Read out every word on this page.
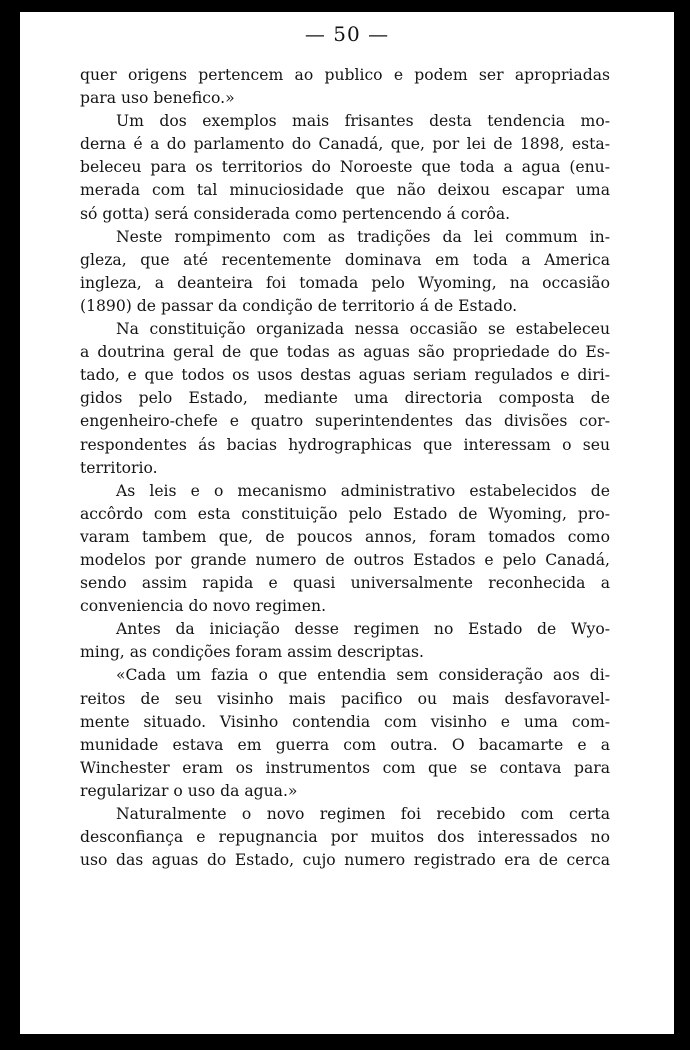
— 50 —
quer origens pertencem ao publico e podem ser apropriadas
para uso benefico.»
Um dos exemplos mais frisantes desta tendencia mo-
derna é a do parlamento do Canadá, que, por lei de 1898, esta-
beleceu para os territorios do Noroeste que toda a agua (enu-
merada com tal minuciosidade que não deixou escapar uma
só gotta) será considerada como pertencendo á corôa.
Neste rompimento com as tradições da lei commum in-
gleza, que até recentemente dominava em toda a America
ingleza, a deanteira foi tomada pelo Wyoming, na occasião
(1890) de passar da condição de territorio á de Estado.
Na constituição organizada nessa occasião se estabeleceu
a doutrina geral de que todas as aguas são propriedade do Es-
tado, e que todos os usos destas aguas seriam regulados e diri-
gidos pelo Estado, mediante uma directoria composta de
engenheiro-chefe e quatro superintendentes das divisões cor-
respondentes ás bacias hydrographicas que interessam o seu
territorio.
As leis e o mecanismo administrativo estabelecidos de
accôrdo com esta constituição pelo Estado de Wyoming, pro-
varam tambem que, de poucos annos, foram tomados como
modelos por grande numero de outros Estados e pelo Canadá,
sendo assim rapida e quasi universalmente reconhecida a
conveniencia do novo regimen.
Antes da iniciação desse regimen no Estado de Wyo-
ming, as condições foram assim descriptas.
«Cada um fazia o que entendia sem consideração aos di-
reitos de seu visinho mais pacifico ou mais desfavoravel-
mente situado. Visinho contendia com visinho e uma com-
munidade estava em guerra com outra. O bacamarte e a
Winchester eram os instrumentos com que se contava para
regularizar o uso da agua.»
Naturalmente o novo regimen foi recebido com certa
desconfiança e repugnancia por muitos dos interessados no
uso das aguas do Estado, cujo numero registrado era de cerca
